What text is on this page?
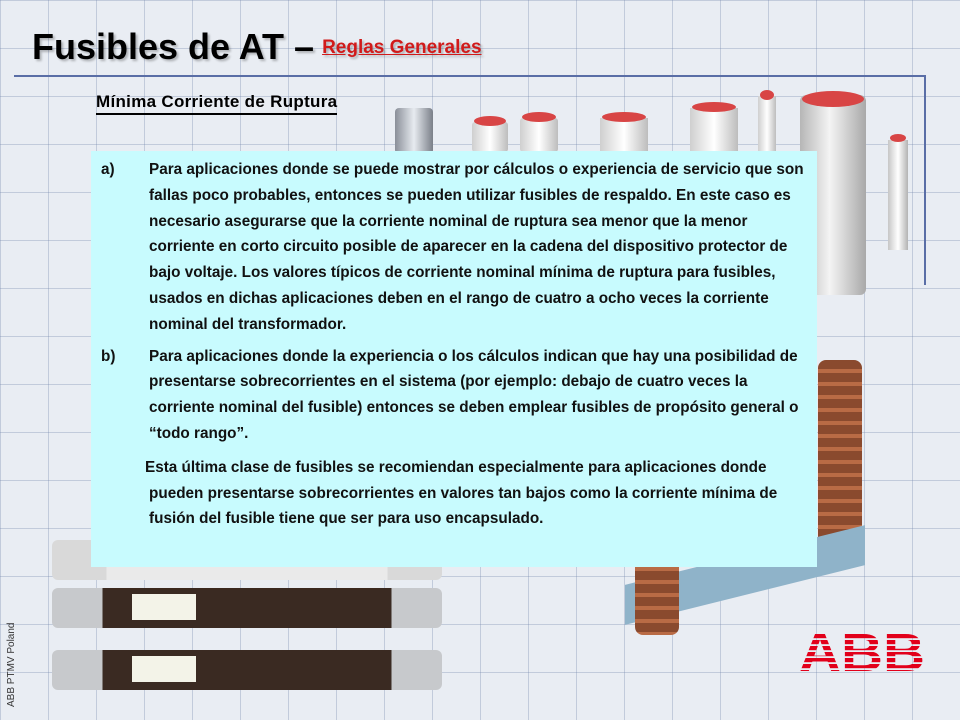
Fusibles de AT – $^{Reglas Generales}$
Mínima Corriente de Ruptura
a)	Para aplicaciones donde se puede mostrar por cálculos o experiencia de servicio que son fallas poco probables, entonces se pueden utilizar fusibles de respaldo. En este caso es necesario asegurarse que la corriente nominal de ruptura sea menor que la menor corriente en corto circuito posible de aparecer en la cadena del dispositivo protector de bajo voltaje. Los valores típicos de corriente nominal mínima de ruptura para fusibles, usados en dichas aplicaciones deben en el rango de cuatro a ocho veces la corriente nominal del transformador.
b)	Para aplicaciones donde la experiencia o los cálculos indican que hay una posibilidad de presentarse sobrecorrientes en el sistema (por ejemplo: debajo de cuatro veces la corriente nominal del fusible) entonces se deben emplear fusibles de propósito general o “todo rango”.
Esta última clase de fusibles se recomiendan especialmente para aplicaciones donde pueden presentarse sobrecorrientes en valores tan bajos como la corriente mínima de fusión del fusible tiene que ser para uso encapsulado.
ABB PTMV Poland	ABB
